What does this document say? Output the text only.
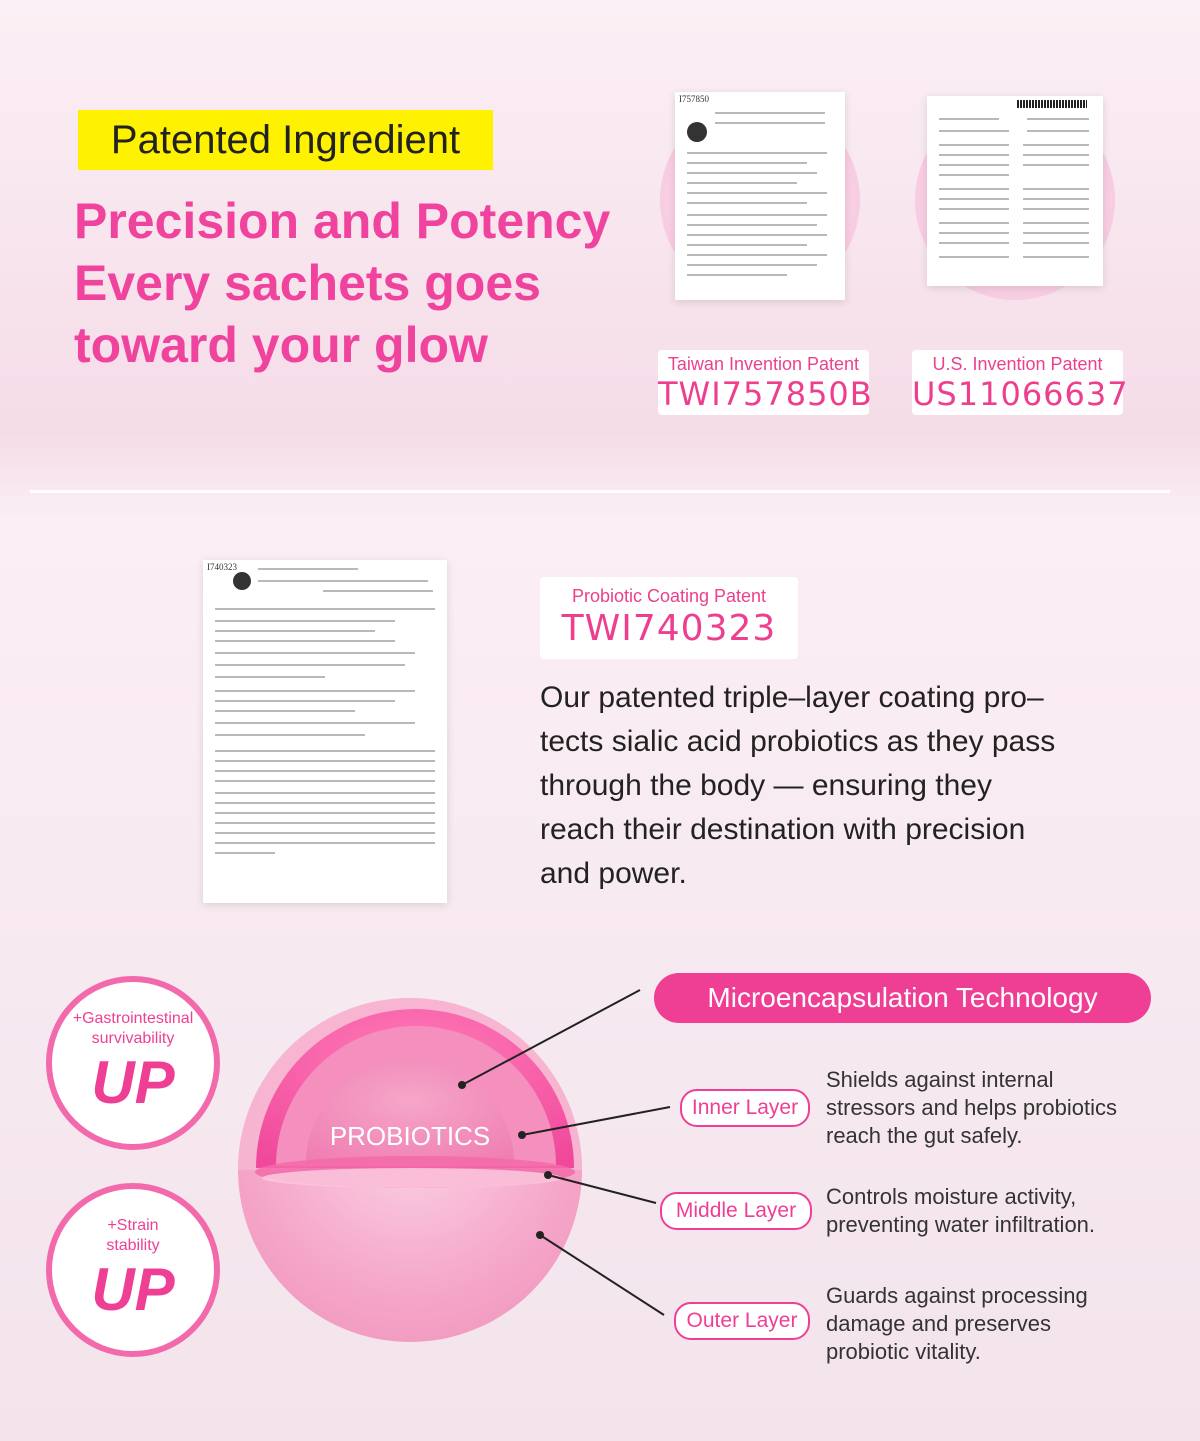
Patented Ingredient
Precision and Potency
Every sachets goes
toward your glow
I757850
Taiwan Invention Patent
TWI757850B
U.S. Invention Patent
US11066637
I740323
Probiotic Coating Patent
TWI740323
Our patented triple–layer coating pro–
tects sialic acid probiotics as they pass
through the body — ensuring they
reach their destination with precision
and power.
+Gastrointestinal
survivability
UP
+Strain
stability
UP
PROBIOTICS
Microencapsulation Technology
Inner Layer
Shields against internal
stressors and helps probiotics
reach the gut safely.
Middle Layer
Controls moisture activity,
preventing water infiltration.
Outer Layer
Guards against processing
damage and preserves
probiotic vitality.
